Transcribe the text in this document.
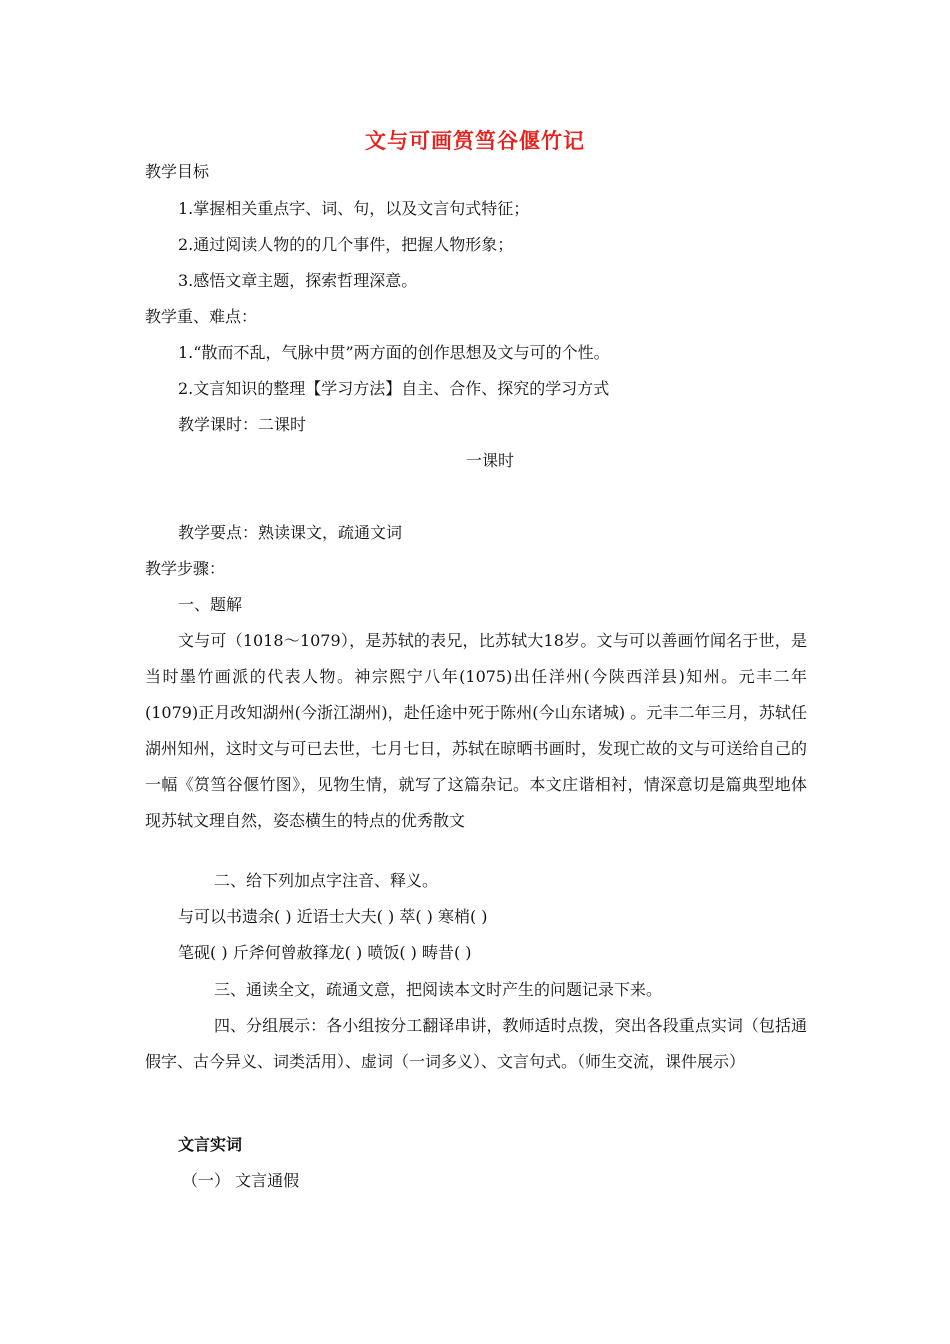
文与可画筼筜谷偃竹记
教学目标
1.掌握相关重点字、词、句，以及文言句式特征；
2.通过阅读人物的的几个事件，把握人物形象；
3.感悟文章主题，探索哲理深意。
教学重、难点：
1.“散而不乱，气脉中贯”两方面的创作思想及文与可的个性。
2.文言知识的整理【学习方法】自主、合作、探究的学习方式
教学课时：二课时
一课时
教学要点：熟读课文，疏通文词
教学步骤：
一、题解
文与可（1018～1079），是苏轼的表兄，比苏轼大18岁。文与可以善画竹闻名于世，是当时墨竹画派的代表人物。神宗熙宁八年(1075)出任洋州(今陕西洋县)知州。元丰二年(1079)正月改知湖州(今浙江湖州)，赴任途中死于陈州(今山东诸城) 。元丰二年三月，苏轼任湖州知州，这时文与可已去世，七月七日，苏轼在晾晒书画时，发现亡故的文与可送给自己的一幅《筼筜谷偃竹图》，见物生情，就写了这篇杂记。本文庄谐相衬，情深意切是篇典型地体现苏轼文理自然，姿态横生的特点的优秀散文
二、给下列加点字注音、释义。
与可以书遗余( ) 近语士大夫( ) 萃( ) 寒梢( )
笔砚( ) 斤斧何曾赦箨龙( ) 喷饭( ) 畴昔( )
三、通读全文，疏通文意，把阅读本文时产生的问题记录下来。
四、分组展示：各小组按分工翻译串讲，教师适时点拨，突出各段重点实词（包括通假字、古今异义、词类活用）、虚词（一词多义）、文言句式。（师生交流，课件展示）
文言实词
（一） 文言通假
